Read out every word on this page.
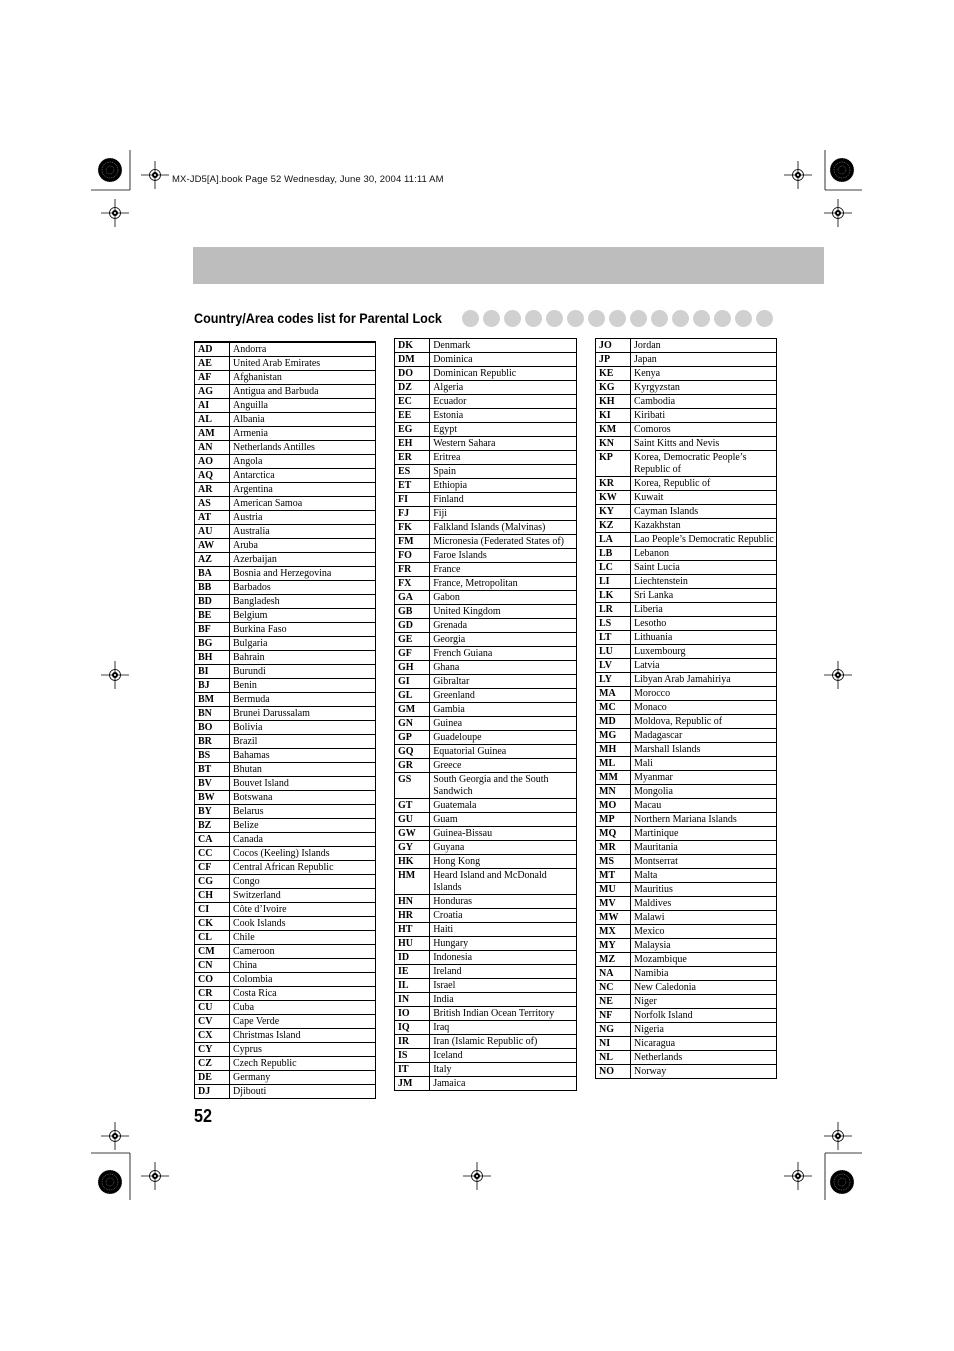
MX-JD5[A].book Page 52 Wednesday, June 30, 2004 11:11 AM
Country/Area codes list for Parental Lock
AD	Andorra
AE	United Arab Emirates
AF	Afghanistan
AG	Antigua and Barbuda
AI	Anguilla
AL	Albania
AM	Armenia
AN	Netherlands Antilles
AO	Angola
AQ	Antarctica
AR	Argentina
AS	American Samoa
AT	Austria
AU	Australia
AW	Aruba
AZ	Azerbaijan
BA	Bosnia and Herzegovina
BB	Barbados
BD	Bangladesh
BE	Belgium
BF	Burkina Faso
BG	Bulgaria
BH	Bahrain
BI	Burundi
BJ	Benin
BM	Bermuda
BN	Brunei Darussalam
BO	Bolivia
BR	Brazil
BS	Bahamas
BT	Bhutan
BV	Bouvet Island
BW	Botswana
BY	Belarus
BZ	Belize
CA	Canada
CC	Cocos (Keeling) Islands
CF	Central African Republic
CG	Congo
CH	Switzerland
CI	Côte d’Ivoire
CK	Cook Islands
CL	Chile
CM	Cameroon
CN	China
CO	Colombia
CR	Costa Rica
CU	Cuba
CV	Cape Verde
CX	Christmas Island
CY	Cyprus
CZ	Czech Republic
DE	Germany
DJ	Djibouti
DK	Denmark
DM	Dominica
DO	Dominican Republic
DZ	Algeria
EC	Ecuador
EE	Estonia
EG	Egypt
EH	Western Sahara
ER	Eritrea
ES	Spain
ET	Ethiopia
FI	Finland
FJ	Fiji
FK	Falkland Islands (Malvinas)
FM	Micronesia (Federated States of)
FO	Faroe Islands
FR	France
FX	France, Metropolitan
GA	Gabon
GB	United Kingdom
GD	Grenada
GE	Georgia
GF	French Guiana
GH	Ghana
GI	Gibraltar
GL	Greenland
GM	Gambia
GN	Guinea
GP	Guadeloupe
GQ	Equatorial Guinea
GR	Greece
GS	South Georgia and the South Sandwich
GT	Guatemala
GU	Guam
GW	Guinea-Bissau
GY	Guyana
HK	Hong Kong
HM	Heard Island and McDonald Islands
HN	Honduras
HR	Croatia
HT	Haiti
HU	Hungary
ID	Indonesia
IE	Ireland
IL	Israel
IN	India
IO	British Indian Ocean Territory
IQ	Iraq
IR	Iran (Islamic Republic of)
IS	Iceland
IT	Italy
JM	Jamaica
JO	Jordan
JP	Japan
KE	Kenya
KG	Kyrgyzstan
KH	Cambodia
KI	Kiribati
KM	Comoros
KN	Saint Kitts and Nevis
KP	Korea, Democratic People’s Republic of
KR	Korea, Republic of
KW	Kuwait
KY	Cayman Islands
KZ	Kazakhstan
LA	Lao People’s Democratic Republic
LB	Lebanon
LC	Saint Lucia
LI	Liechtenstein
LK	Sri Lanka
LR	Liberia
LS	Lesotho
LT	Lithuania
LU	Luxembourg
LV	Latvia
LY	Libyan Arab Jamahiriya
MA	Morocco
MC	Monaco
MD	Moldova, Republic of
MG	Madagascar
MH	Marshall Islands
ML	Mali
MM	Myanmar
MN	Mongolia
MO	Macau
MP	Northern Mariana Islands
MQ	Martinique
MR	Mauritania
MS	Montserrat
MT	Malta
MU	Mauritius
MV	Maldives
MW	Malawi
MX	Mexico
MY	Malaysia
MZ	Mozambique
NA	Namibia
NC	New Caledonia
NE	Niger
NF	Norfolk Island
NG	Nigeria
NI	Nicaragua
NL	Netherlands
NO	Norway
52
